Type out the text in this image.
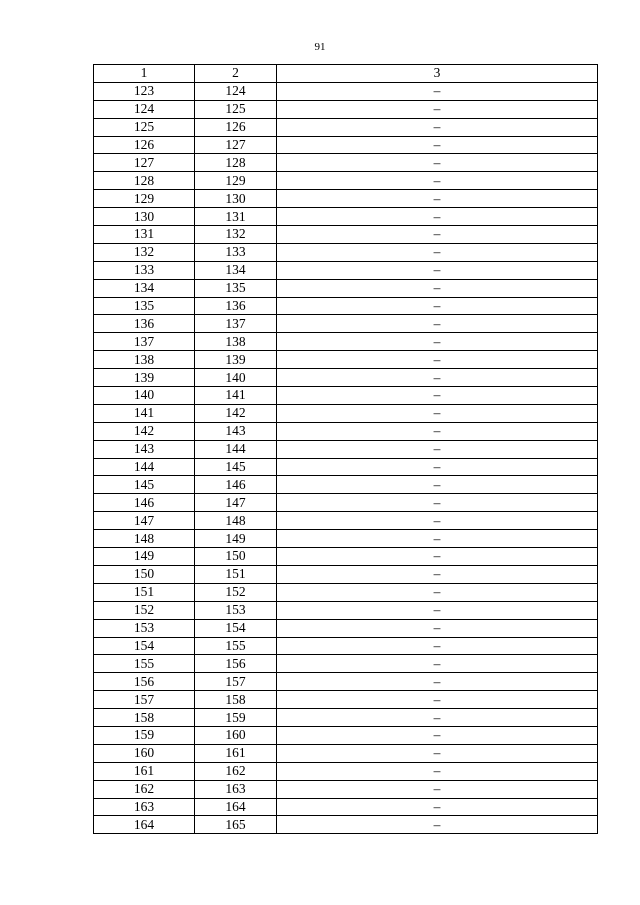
91
1	2	3
123	124	–
124	125	–
125	126	–
126	127	–
127	128	–
128	129	–
129	130	–
130	131	–
131	132	–
132	133	–
133	134	–
134	135	–
135	136	–
136	137	–
137	138	–
138	139	–
139	140	–
140	141	–
141	142	–
142	143	–
143	144	–
144	145	–
145	146	–
146	147	–
147	148	–
148	149	–
149	150	–
150	151	–
151	152	–
152	153	–
153	154	–
154	155	–
155	156	–
156	157	–
157	158	–
158	159	–
159	160	–
160	161	–
161	162	–
162	163	–
163	164	–
164	165	–
